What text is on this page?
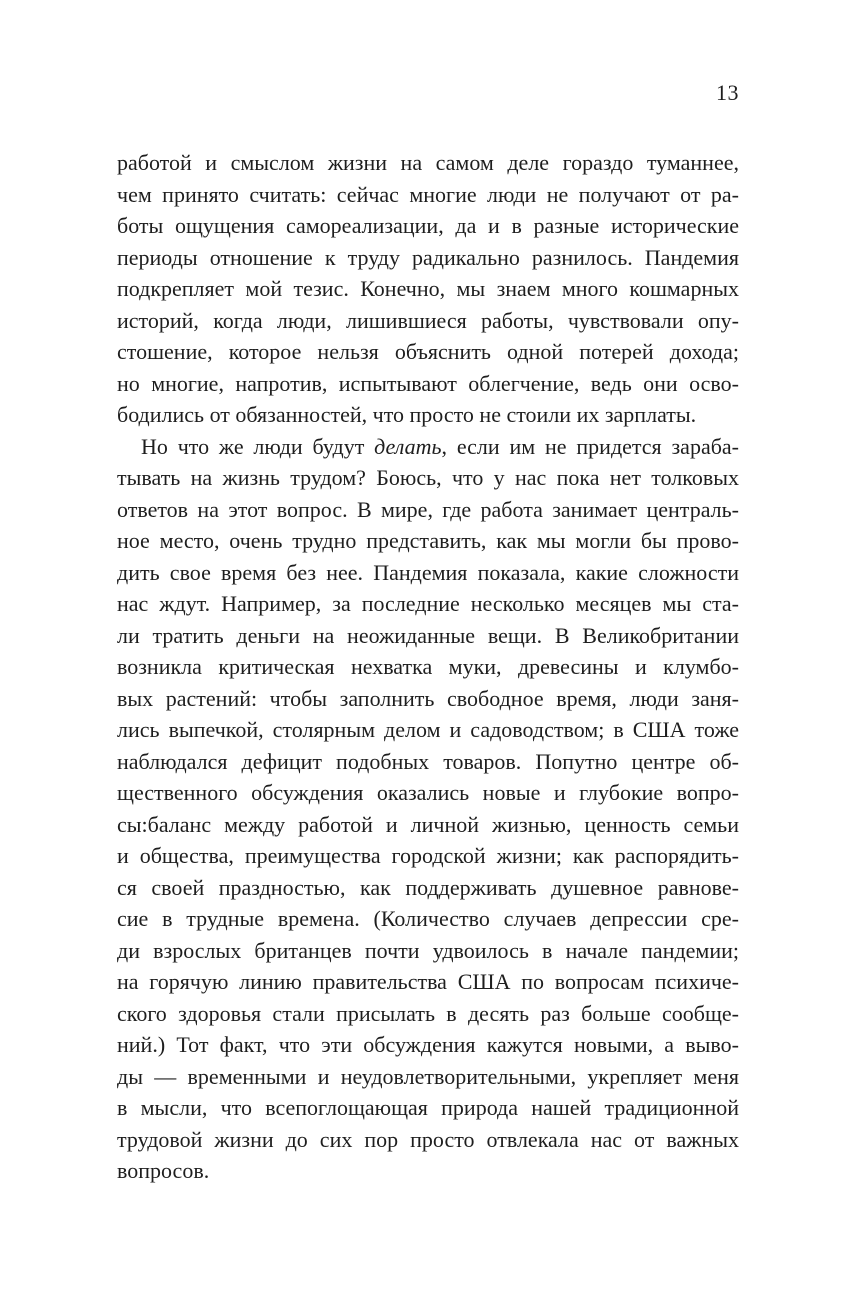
13
работой и смыслом жизни на самом деле гораздо туманнее,
чем принято считать: сейчас многие люди не получают от ра-
боты ощущения самореализации, да и в разные исторические
периоды отношение к труду радикально разнилось. Пандемия
подкрепляет мой тезис. Конечно, мы знаем много кошмарных
историй, когда люди, лишившиеся работы, чувствовали опу-
стошение, которое нельзя объяснить одной потерей дохода;
но многие, напротив, испытывают облегчение, ведь они осво-
бодились от обязанностей, что просто не стоили их зарплаты.
Но что же люди будут делать, если им не придется зараба-
тывать на жизнь трудом? Боюсь, что у нас пока нет толковых
ответов на этот вопрос. В мире, где работа занимает централь-
ное место, очень трудно представить, как мы могли бы прово-
дить свое время без нее. Пандемия показала, какие сложности
нас ждут. Например, за последние несколько месяцев мы ста-
ли тратить деньги на неожиданные вещи. В Великобритании
возникла критическая нехватка муки, древесины и клумбо-
вых растений: чтобы заполнить свободное время, люди заня-
лись выпечкой, столярным делом и садоводством; в США тоже
наблюдался дефицит подобных товаров. Попутно центре об-
щественного обсуждения оказались новые и глубокие вопро-
сы:баланс между работой и личной жизнью, ценность семьи
и общества, преимущества городской жизни; как распорядить-
ся своей праздностью, как поддерживать душевное равнове-
сие в трудные времена. (Количество случаев депрессии сре-
ди взрослых британцев почти удвоилось в начале пандемии;
на горячую линию правительства США по вопросам психиче-
ского здоровья стали присылать в десять раз больше сообще-
ний.) Тот факт, что эти обсуждения кажутся новыми, а выво-
ды — временными и неудовлетворительными, укрепляет меня
в мысли, что всепоглощающая природа нашей традиционной
трудовой жизни до сих пор просто отвлекала нас от важных
вопросов.
